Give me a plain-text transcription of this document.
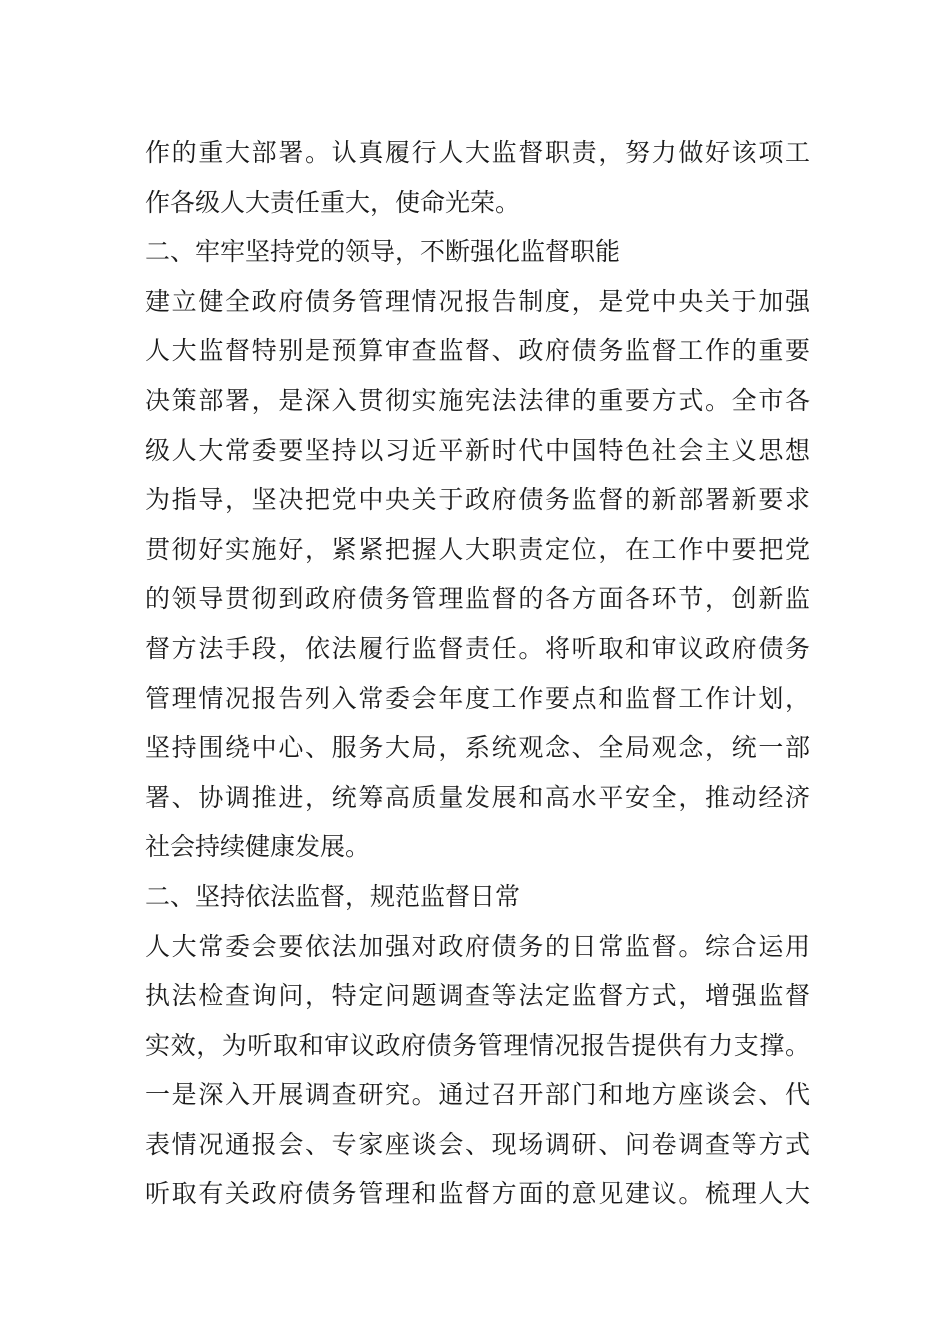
作的重大部署。认真履行人大监督职责，努力做好该项工
作各级人大责任重大，使命光荣。
二、牢牢坚持党的领导，不断强化监督职能
建立健全政府债务管理情况报告制度，是党中央关于加强
人大监督特别是预算审查监督、政府债务监督工作的重要
决策部署，是深入贯彻实施宪法法律的重要方式。全市各
级人大常委要坚持以习近平新时代中国特色社会主义思想
为指导，坚决把党中央关于政府债务监督的新部署新要求
贯彻好实施好，紧紧把握人大职责定位，在工作中要把党
的领导贯彻到政府债务管理监督的各方面各环节，创新监
督方法手段，依法履行监督责任。将听取和审议政府债务
管理情况报告列入常委会年度工作要点和监督工作计划，
坚持围绕中心、服务大局，系统观念、全局观念，统一部
署、协调推进，统筹高质量发展和高水平安全，推动经济
社会持续健康发展。
二、坚持依法监督，规范监督日常
人大常委会要依法加强对政府债务的日常监督。综合运用
执法检查询问，特定问题调查等法定监督方式，增强监督
实效，为听取和审议政府债务管理情况报告提供有力支撑。
一是深入开展调查研究。通过召开部门和地方座谈会、代
表情况通报会、专家座谈会、现场调研、问卷调查等方式
听取有关政府债务管理和监督方面的意见建议。梳理人大
